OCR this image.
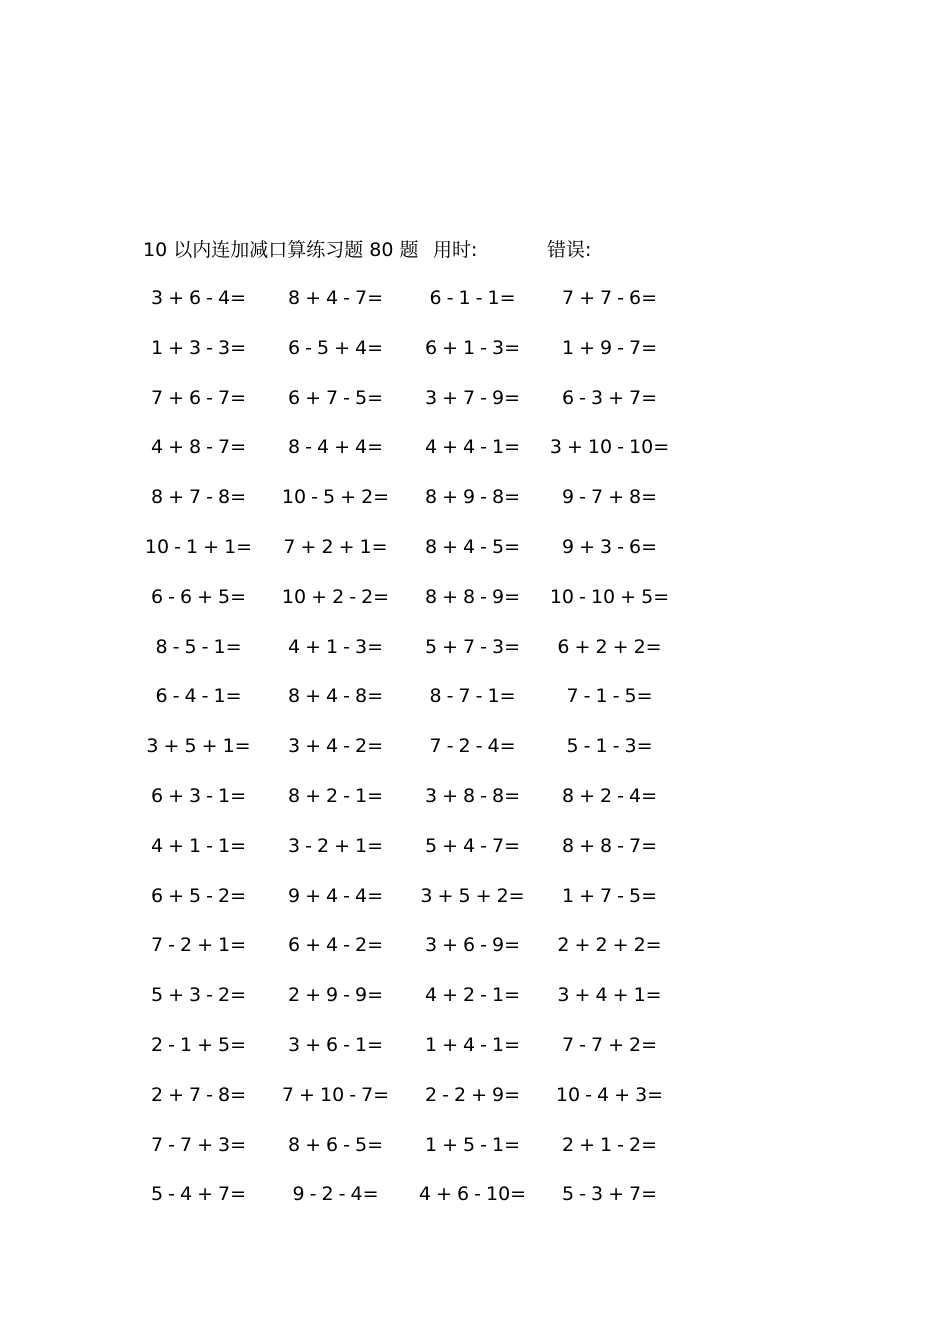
10 以内连加减口算练习题 80 题 用时:	错误:
3 + 6 - 4=	8 + 4 - 7=	6 - 1 - 1=	7 + 7 - 6=
1 + 3 - 3=	6 - 5 + 4=	6 + 1 - 3=	1 + 9 - 7=
7 + 6 - 7=	6 + 7 - 5=	3 + 7 - 9=	6 - 3 + 7=
4 + 8 - 7=	8 - 4 + 4=	4 + 4 - 1=	3 + 10 - 10=
8 + 7 - 8=	10 - 5 + 2=	8 + 9 - 8=	9 - 7 + 8=
10 - 1 + 1=	7 + 2 + 1=	8 + 4 - 5=	9 + 3 - 6=
6 - 6 + 5=	10 + 2 - 2=	8 + 8 - 9=	10 - 10 + 5=
8 - 5 - 1=	4 + 1 - 3=	5 + 7 - 3=	6 + 2 + 2=
6 - 4 - 1=	8 + 4 - 8=	8 - 7 - 1=	7 - 1 - 5=
3 + 5 + 1=	3 + 4 - 2=	7 - 2 - 4=	5 - 1 - 3=
6 + 3 - 1=	8 + 2 - 1=	3 + 8 - 8=	8 + 2 - 4=
4 + 1 - 1=	3 - 2 + 1=	5 + 4 - 7=	8 + 8 - 7=
6 + 5 - 2=	9 + 4 - 4=	3 + 5 + 2=	1 + 7 - 5=
7 - 2 + 1=	6 + 4 - 2=	3 + 6 - 9=	2 + 2 + 2=
5 + 3 - 2=	2 + 9 - 9=	4 + 2 - 1=	3 + 4 + 1=
2 - 1 + 5=	3 + 6 - 1=	1 + 4 - 1=	7 - 7 + 2=
2 + 7 - 8=	7 + 10 - 7=	2 - 2 + 9=	10 - 4 + 3=
7 - 7 + 3=	8 + 6 - 5=	1 + 5 - 1=	2 + 1 - 2=
5 - 4 + 7=	9 - 2 - 4=	4 + 6 - 10=	5 - 3 + 7=
